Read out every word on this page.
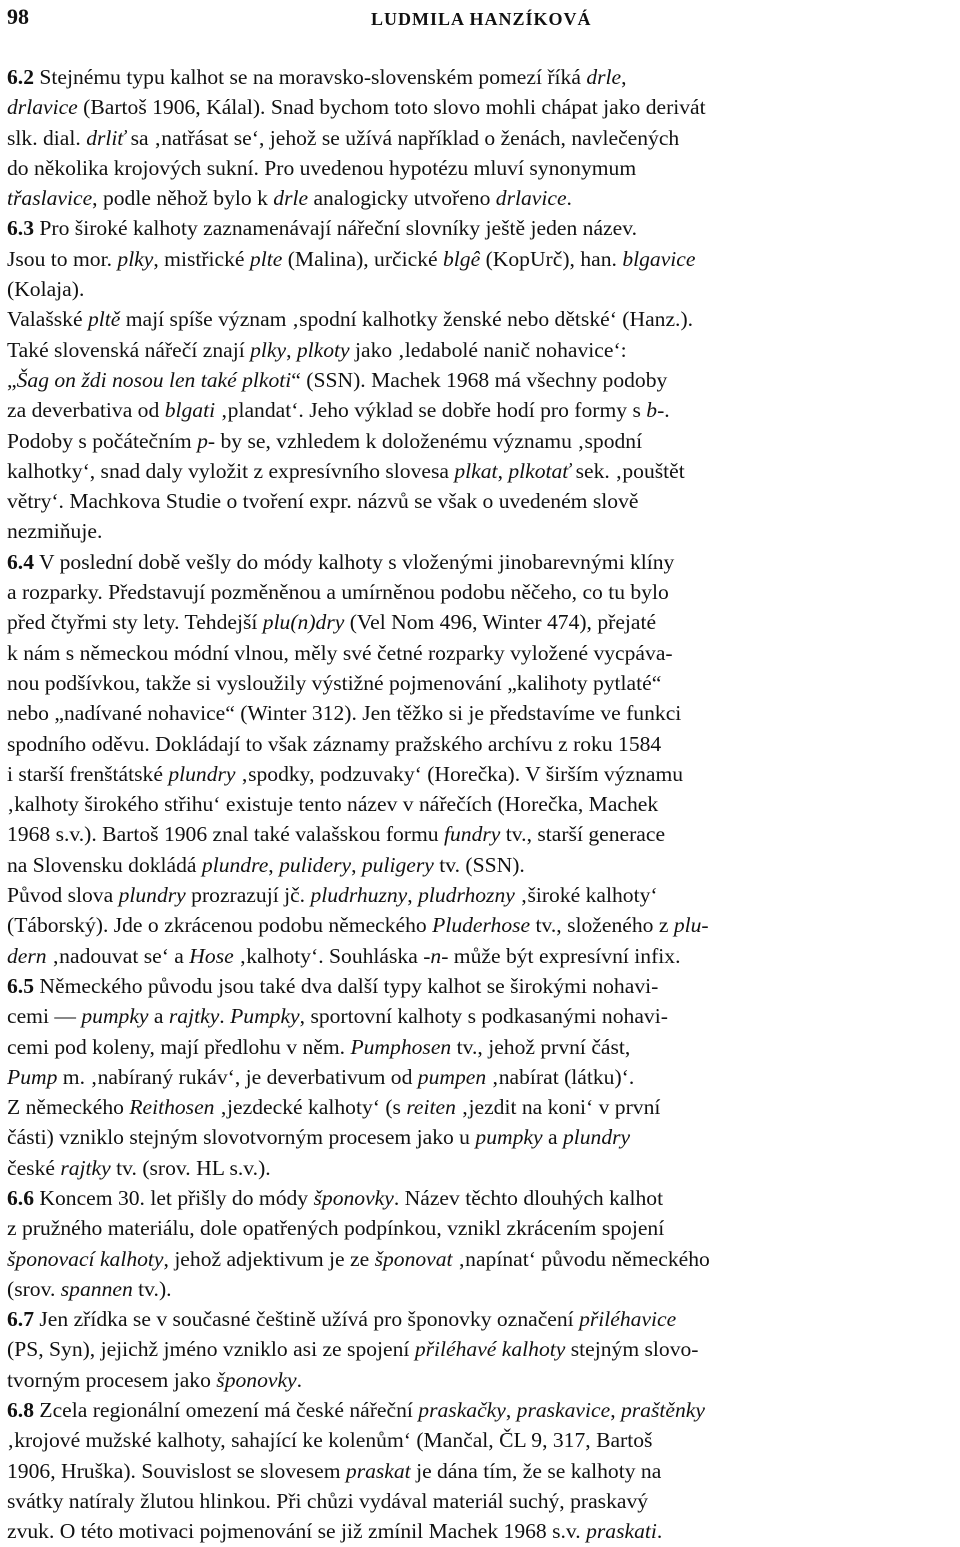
98	LUDMILA HANZÍKOVÁ
6.2 Stejnému typu kalhot se na moravsko-slovenském pomezí říká drle,
drlavice (Bartoš 1906, Kálal). Snad bychom toto slovo mohli chápat jako derivát
slk. dial. drliť sa ‚natřásat se‘, jehož se užívá například o ženách, navlečených
do několika krojových sukní. Pro uvedenou hypotézu mluví synonymum
třaslavice, podle něhož bylo k drle analogicky utvořeno drlavice.
6.3 Pro široké kalhoty zaznamenávají nářeční slovníky ještě jeden název.
Jsou to mor. plky, mistřické plte (Malina), určické blgê (KopUrč), han. blgavice
(Kolaja).
Valašské pltě mají spíše význam ‚spodní kalhotky ženské nebo dětské‘ (Hanz.).
Také slovenská nářečí znají plky, plkoty jako ‚ledabolé nanič nohavice‘:
„Šag on ždi nosou len také plkoti“ (SSN). Machek 1968 má všechny podoby
za deverbativa od blgati ‚plandat‘. Jeho výklad se dobře hodí pro formy s b-.
Podoby s počátečním p- by se, vzhledem k doloženému významu ‚spodní
kalhotky‘, snad daly vyložit z expresívního slovesa plkat, plkotať sek. ‚pouštět
větry‘. Machkova Studie o tvoření expr. názvů se však o uvedeném slově
nezmiňuje.
6.4 V poslední době vešly do módy kalhoty s vloženými jinobarevnými klíny
a rozparky. Představují pozměněnou a umírněnou podobu něčeho, co tu bylo
před čtyřmi sty lety. Tehdejší plu(n)dry (Vel Nom 496, Winter 474), přejaté
k nám s německou módní vlnou, měly své četné rozparky vyložené vycpáva-
nou podšívkou, takže si vysloužily výstižné pojmenování „kalihoty pytlaté“
nebo „nadívané nohavice“ (Winter 312). Jen těžko si je představíme ve funkci
spodního oděvu. Dokládají to však záznamy pražského archívu z roku 1584
i starší frenštátské plundry ‚spodky, podzuvaky‘ (Horečka). V širším významu
‚kalhoty širokého střihu‘ existuje tento název v nářečích (Horečka, Machek
1968 s.v.). Bartoš 1906 znal také valašskou formu fundry tv., starší generace
na Slovensku dokládá plundre, pulidery, puligery tv. (SSN).
Původ slova plundry prozrazují jč. pludrhuzny, pludrhozny ‚široké kalhoty‘
(Táborský). Jde o zkrácenou podobu německého Pluderhose tv., složeného z plu-
dern ‚nadouvat se‘ a Hose ‚kalhoty‘. Souhláska -n- může být expresívní infix.
6.5 Německého původu jsou také dva další typy kalhot se širokými nohavi-
cemi — pumpky a rajtky. Pumpky, sportovní kalhoty s podkasanými nohavi-
cemi pod koleny, mají předlohu v něm. Pumphosen tv., jehož první část,
Pump m. ‚nabíraný rukáv‘, je deverbativum od pumpen ‚nabírat (látku)‘.
Z německého Reithosen ‚jezdecké kalhoty‘ (s reiten ‚jezdit na koni‘ v první
části) vzniklo stejným slovotvorným procesem jako u pumpky a plundry
české rajtky tv. (srov. HL s.v.).
6.6 Koncem 30. let přišly do módy šponovky. Název těchto dlouhých kalhot
z pružného materiálu, dole opatřených podpínkou, vznikl zkrácením spojení
šponovací kalhoty, jehož adjektivum je ze šponovat ‚napínat‘ původu německého
(srov. spannen tv.).
6.7 Jen zřídka se v současné češtině užívá pro šponovky označení přiléhavice
(PS, Syn), jejichž jméno vzniklo asi ze spojení přiléhavé kalhoty stejným slovo-
tvorným procesem jako šponovky.
6.8 Zcela regionální omezení má české nářeční praskačky, praskavice, praštěnky
‚krojové mužské kalhoty, sahající ke kolenům‘ (Mančal, ČL 9, 317, Bartoš
1906, Hruška). Souvislost se slovesem praskat je dána tím, že se kalhoty na
svátky natíraly žlutou hlinkou. Při chůzi vydával materiál suchý, praskavý
zvuk. O této motivaci pojmenování se již zmínil Machek 1968 s.v. praskati.
